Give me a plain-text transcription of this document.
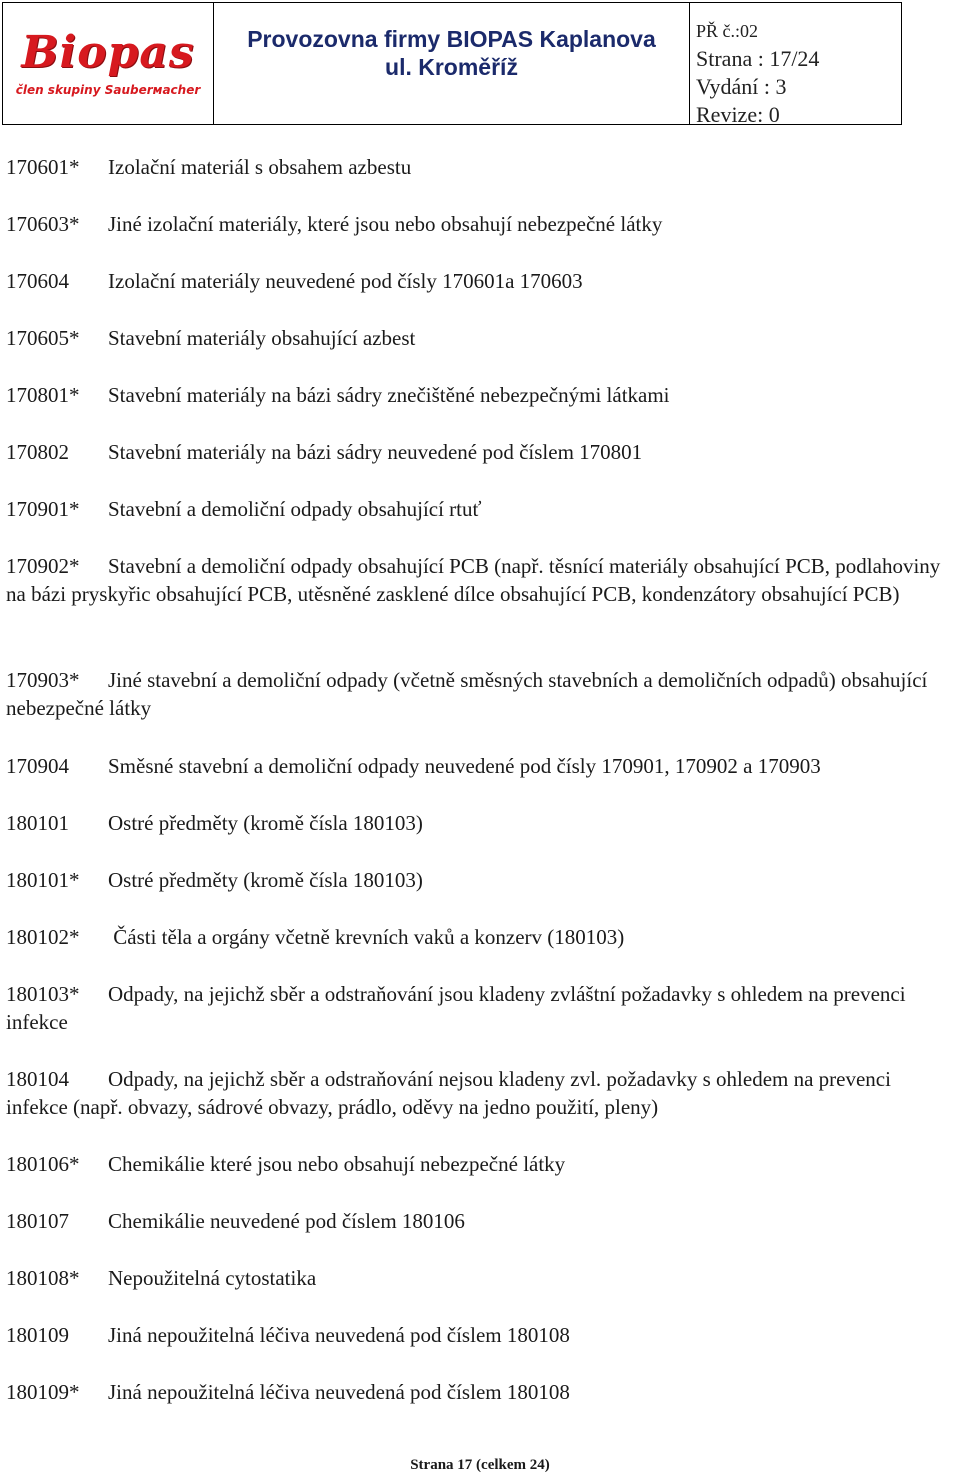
Biopas
člen skupiny Sauberмacher
Provozovna firmy BIOPAS Kaplanova
ul. Kroměříž
PŘ č.:02
Strana : 17/24
Vydání : 3
Revize: 0

170601* Izolační materiál s obsahem azbestu

170603* Jiné izolační materiály, které jsou nebo obsahují nebezpečné látky

170604 Izolační materiály neuvedené pod čísly 170601a 170603

170605* Stavební materiály obsahující azbest

170801* Stavební materiály na bázi sádry znečištěné nebezpečnými látkami

170802 Stavební materiály na bázi sádry neuvedené pod číslem 170801

170901* Stavební a demoliční odpady obsahující rtuť

170902* Stavební a demoliční odpady obsahující PCB (např. těsnící materiály obsahující PCB, podlahoviny na bázi pryskyřic obsahující PCB, utěsněné zasklené dílce obsahující PCB, kondenzátory obsahující PCB)

170903* Jiné stavební a demoliční odpady (včetně směsných stavebních a demoličních odpadů) obsahující nebezpečné látky

170904 Směsné stavební a demoliční odpady neuvedené pod čísly 170901, 170902 a 170903

180101 Ostré předměty (kromě čísla 180103)

180101* Ostré předměty (kromě čísla 180103)

180102* Části těla a orgány včetně krevních vaků a konzerv (180103)

180103* Odpady, na jejichž sběr a odstraňování jsou kladeny zvláštní požadavky s ohledem na prevenci infekce

180104 Odpady, na jejichž sběr a odstraňování nejsou kladeny zvl. požadavky s ohledem na prevenci infekce (např. obvazy, sádrové obvazy, prádlo, oděvy na jedno použití, pleny)

180106* Chemikálie které jsou nebo obsahují nebezpečné látky

180107 Chemikálie neuvedené pod číslem 180106

180108* Nepoužitelná cytostatika

180109 Jiná nepoužitelná léčiva neuvedená pod číslem 180108

180109* Jiná nepoužitelná léčiva neuvedená pod číslem 180108

Strana 17 (celkem 24)
